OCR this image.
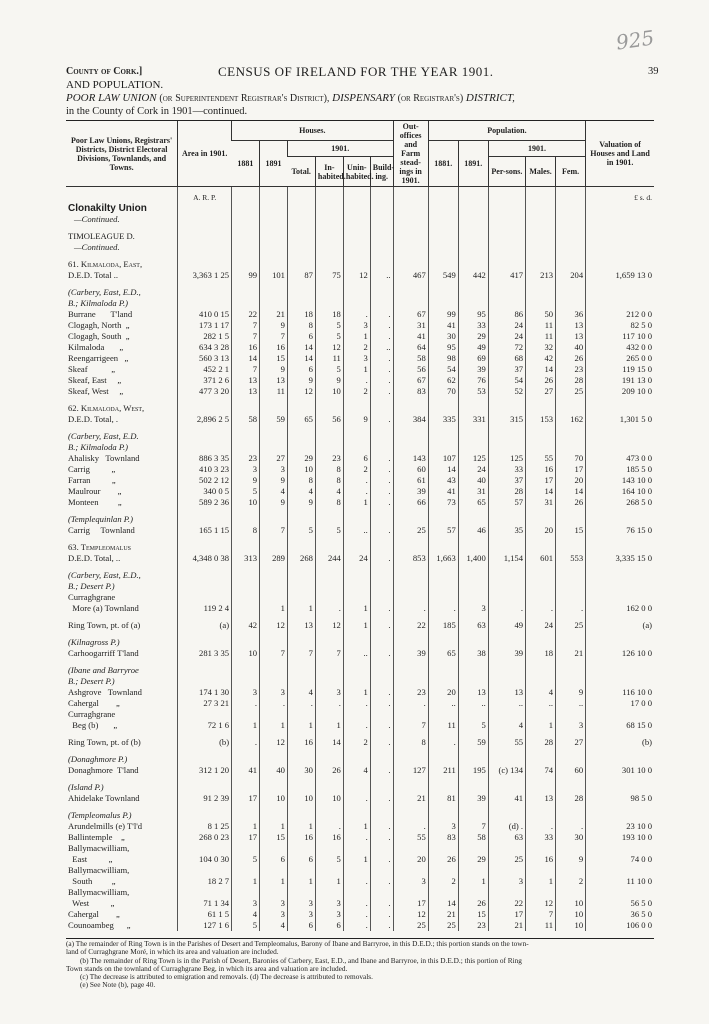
925
County of Cork.]	CENSUS OF IRELAND FOR THE YEAR 1901.	39
AND POPULATION.
POOR LAW UNION (or Superintendent Registrar's District), DISPENSARY (or Registrar's) DISTRICT,
in the County of Cork in 1901—continued.
Poor Law Unions, Registrars' Districts, District Electoral Divisions, Townlands, and Towns.	Area in 1901.	Houses.						Out-offices and Farm stead-ings in 1901.	Population.					Valuation of Houses and Land in 1901.
		1881	1891	1901.					1881.	1891.	1901.			
				Total.	In-habited.	Unin-habited.	Build-ing.				Per-sons.	Males.	Fem.	
	A. R. P.													£ s. d.
Clonakilty Union														
—Continued.														

TIMOLEAGUE D.														
—Continued.														

61. Kilmaloda, East,														
D.E.D. Total ..	3,363 1 25	99	101	87	75	12	..	467	549	442	417	213	204	1,659 13 0

(Carbery, East, E.D.,														
B.; Kilmaloda P.)														
Burrane       T'land	410 0 15	22	21	18	18	.	.	67	99	95	86	50	36	212 0 0
Clogagh, North  „	173 1 17	7	9	8	5	3	.	31	41	33	24	11	13	82 5 0
Clogagh, South  „	282 1 5	7	7	6	5	1	.	41	30	29	24	11	13	117 10 0
Kilmaloda       „	634 3 28	16	16	14	12	2	..	64	95	49	72	32	40	432 0 0
Reengarrigeen   „	560 3 13	14	15	14	11	3	.	58	98	69	68	42	26	265 0 0
Skeaf           „	452 2 1	7	9	6	5	1	.	56	54	39	37	14	23	119 15 0
Skeaf, East     „	371 2 6	13	13	9	9	.	.	67	62	76	54	26	28	191 13 0
Skeaf, West     „	477 3 20	13	11	12	10	2	.	83	70	53	52	27	25	209 10 0

62. Kilmaloda, West,														
D.E.D. Total, .	2,896 2 5	58	59	65	56	9	.	384	335	331	315	153	162	1,301 5 0

(Carbery, East, E.D.														
B.; Kilmaloda P.)														
Ahalisky   Townland	886 3 35	23	27	29	23	6	.	143	107	125	125	55	70	473 0 0
Carrig          „	410 3 23	3	3	10	8	2	.	60	14	24	33	16	17	185 5 0
Farran          „	502 2 12	9	9	8	8	.	.	61	43	40	37	17	20	143 10 0
Maulrour        „	340 0 5	5	4	4	4	.	.	39	41	31	28	14	14	164 10 0
Monteen         „	589 2 36	10	9	9	8	1	.	66	73	65	57	31	26	268 5 0

(Templequinlan P.)														
Carrig     Townland	165 1 15	8	7	5	5	..	.	25	57	46	35	20	15	76 15 0

63. Templeomalus														
D.E.D. Total, ..	4,348 0 38	313	289	268	244	24	.	853	1,663	1,400	1,154	601	553	3,335 15 0

(Carbery, East, E.D.,														
B.; Desert P.)														
Curraghgrane														
More (a) Townland	119 2 4		1	1	.	1	.	.	.	3	.	.	.	162 0 0

Ring Town, pt. of (a)	(a)	42	12	13	12	1	.	22	185	63	49	24	25	(a)

(Kilnagross P.)														
Carhoogarriff T'land	281 3 35	10	7	7	7	..	.	39	65	38	39	18	21	126 10 0

(Ibane and Barryroe														
B.; Desert P.)														
Ashgrove   Townland	174 1 30	3	3	4	3	1	.	23	20	13	13	4	9	116 10 0
Cahergal        „	27 3 21	.	.	.	.	.	.	.	..	..	..	..	..	17 0 0
Curraghgrane														
Beg (b)       „	72 1 6	1	1	1	1	.	.	7	11	5	4	1	3	68 15 0

Ring Town, pt. of (b)	(b)	.	12	16	14	2	.	8	.	59	55	28	27	(b)

(Donaghmore P.)														
Donaghmore  T'land	312 1 20	41	40	30	26	4	.	127	211	195	(c) 134	74	60	301 10 0

(Island P.)														
Ahidelake Townland	91 2 39	17	10	10	10	.	.	21	81	39	41	13	28	98 5 0

(Templeomalus P.)														
Arundelmills (e) T'l'd	8 1 25	1	1	1	.	1	.	.	3	7	(d) .	.	.	23 10 0
Ballintemple    „	268 0 23	17	15	16	16	.	.	55	83	58	63	33	30	193 10 0
Ballymacwilliam,														
East          „	104 0 30	5	6	6	5	1	.	20	26	29	25	16	9	74 0 0
Ballymacwilliam,														
South         „	18 2 7	1	1	1	1	.	.	3	2	1	3	1	2	11 10 0
Ballymacwilliam,														
West          „	71 1 34	3	3	3	3	.	.	17	14	26	22	12	10	56 5 0
Cahergal        „	61 1 5	4	3	3	3	.	.	12	21	15	17	7	10	36 5 0
Counoambeg      „	127 1 6	5	4	6	6	.	.	25	25	23	21	11	10	106 0 0
(a) The remainder of Ring Town is in the Parishes of Desert and Templeomalus, Barony of Ibane and Barryroe, in this D.E.D.; this portion stands on the town-
land of Curraghgrane Moré, in which its area and valuation are included.
(b) The remainder of Ring Town is in the Parish of Desert, Baronies of Carbery, East, E.D., and Ibane and Barryroe, in this D.E.D.; this portion of Ring
Town stands on the townland of Curraghgrane Beg, in which its area and valuation are included.
(c) The decrease is attributed to emigration and removals. (d) The decrease is attributed to removals.
(e) See Note (b), page 40.
